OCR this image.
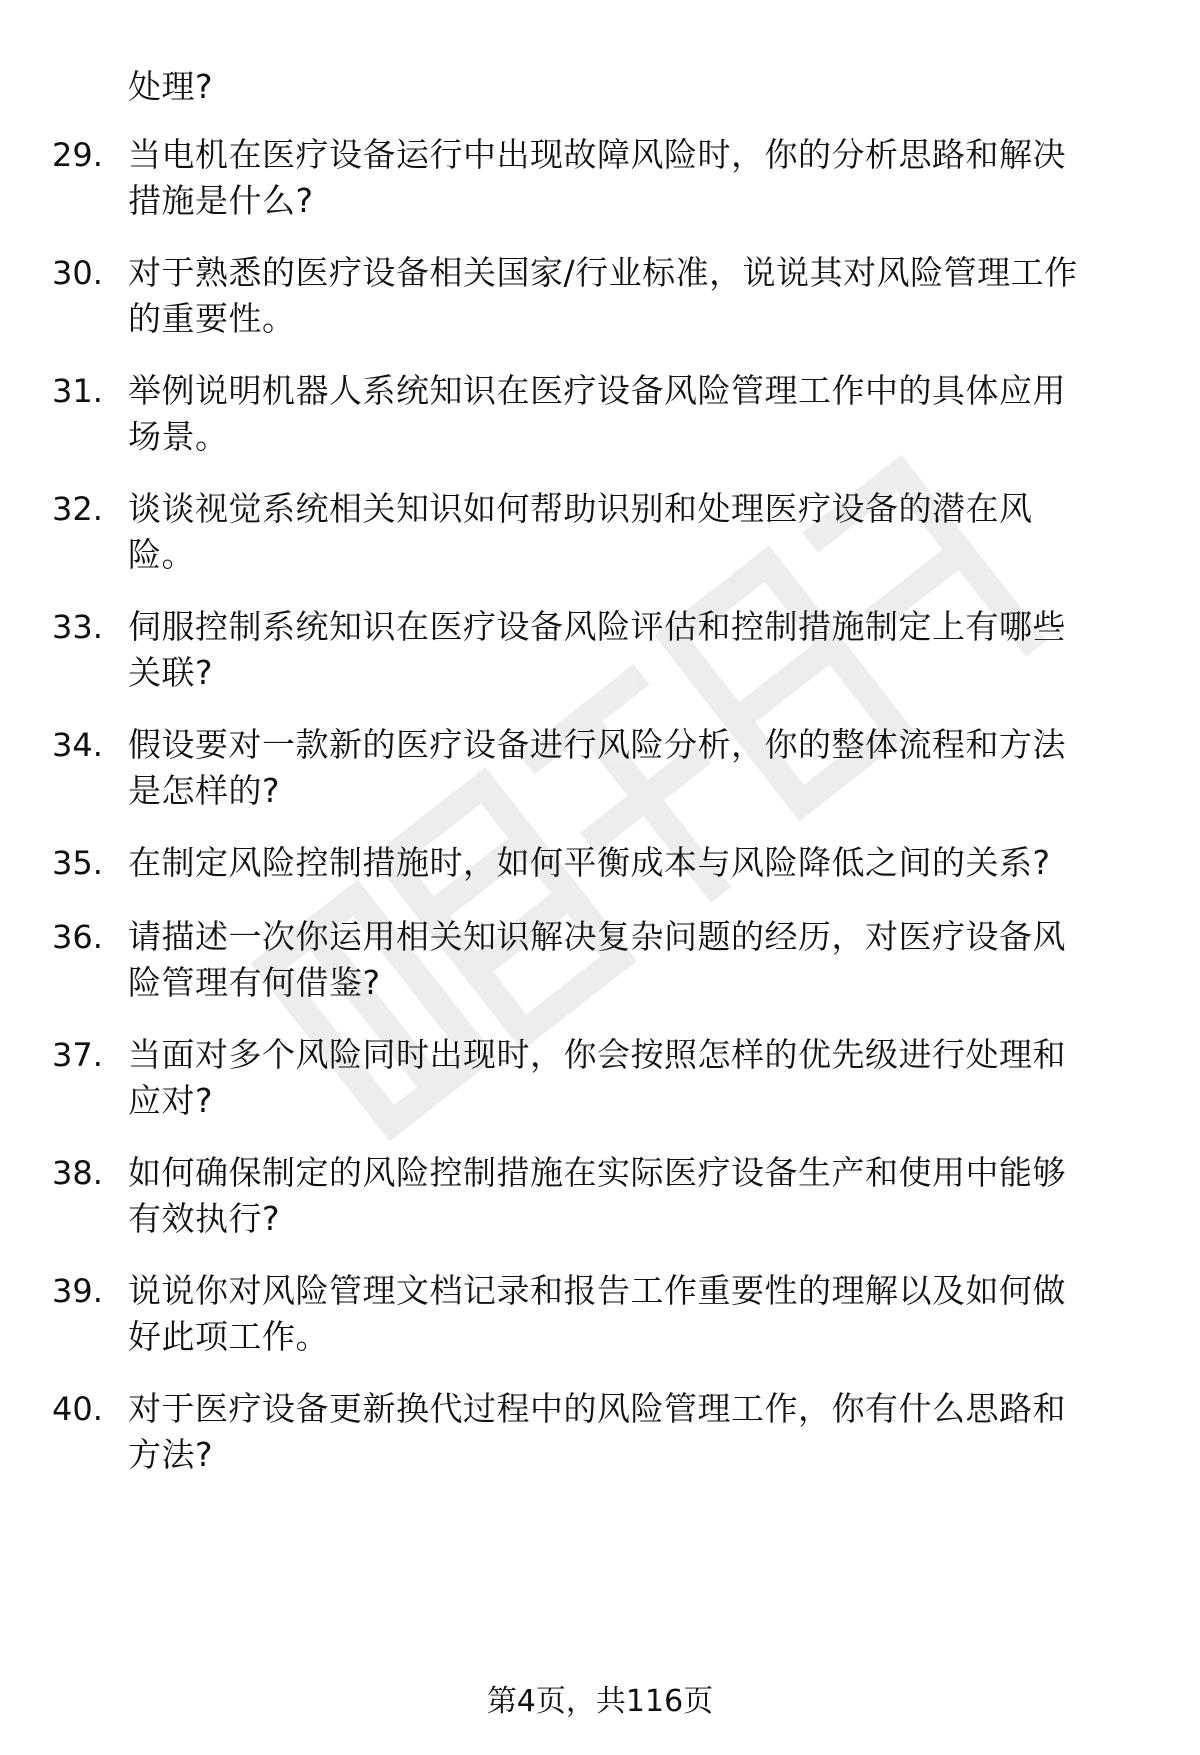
处理?
29. 当电机在医疗设备运行中出现故障风险时，你的分析思路和解决
措施是什么?
30. 对于熟悉的医疗设备相关国家/行业标准，说说其对风险管理工作
的重要性。
31. 举例说明机器人系统知识在医疗设备风险管理工作中的具体应用
场景。
32. 谈谈视觉系统相关知识如何帮助识别和处理医疗设备的潜在风
险。
33. 伺服控制系统知识在医疗设备风险评估和控制措施制定上有哪些
关联?
34. 假设要对一款新的医疗设备进行风险分析，你的整体流程和方法
是怎样的?
35. 在制定风险控制措施时，如何平衡成本与风险降低之间的关系?
36. 请描述一次你运用相关知识解决复杂问题的经历，对医疗设备风
险管理有何借鉴?
37. 当面对多个风险同时出现时，你会按照怎样的优先级进行处理和
应对?
38. 如何确保制定的风险控制措施在实际医疗设备生产和使用中能够
有效执行?
39. 说说你对风险管理文档记录和报告工作重要性的理解以及如何做
好此项工作。
40. 对于医疗设备更新换代过程中的风险管理工作，你有什么思路和
方法?
第4页，共116页
